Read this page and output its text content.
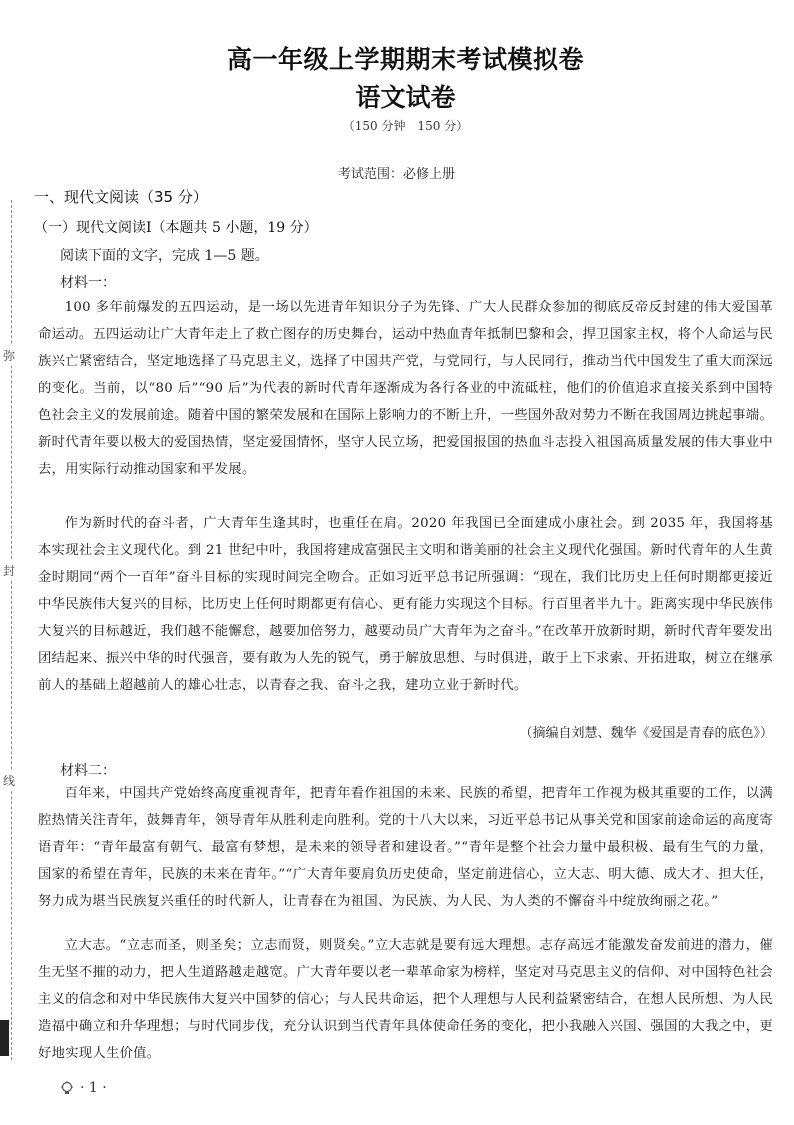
弥
封
线
高一年级上学期期末考试模拟卷
语文试卷
（150 分钟　150 分）
考试范围：必修上册
一、现代文阅读（35 分）
（一）现代文阅读Ⅰ（本题共 5 小题，19 分）
阅读下面的文字，完成 1—5 题。
材料一：
100 多年前爆发的五四运动，是一场以先进青年知识分子为先锋、广大人民群众参加的彻底反帝反封建的伟大爱国革命运动。五四运动让广大青年走上了救亡图存的历史舞台，运动中热血青年抵制巴黎和会，捍卫国家主权，将个人命运与民族兴亡紧密结合，坚定地选择了马克思主义，选择了中国共产党，与党同行，与人民同行，推动当代中国发生了重大而深远的变化。当前，以“80 后”“90 后”为代表的新时代青年逐渐成为各行各业的中流砥柱，他们的价值追求直接关系到中国特色社会主义的发展前途。随着中国的繁荣发展和在国际上影响力的不断上升，一些国外敌对势力不断在我国周边挑起事端。新时代青年要以极大的爱国热情，坚定爱国情怀，坚守人民立场，把爱国报国的热血斗志投入祖国高质量发展的伟大事业中去，用实际行动推动国家和平发展。
作为新时代的奋斗者，广大青年生逢其时，也重任在肩。2020 年我国已全面建成小康社会。到 2035 年，我国将基本实现社会主义现代化。到 21 世纪中叶，我国将建成富强民主文明和谐美丽的社会主义现代化强国。新时代青年的人生黄金时期同“两个一百年”奋斗目标的实现时间完全吻合。正如习近平总书记所强调：“现在，我们比历史上任何时期都更接近中华民族伟大复兴的目标，比历史上任何时期都更有信心、更有能力实现这个目标。行百里者半九十。距离实现中华民族伟大复兴的目标越近，我们越不能懈怠，越要加倍努力，越要动员广大青年为之奋斗。”在改革开放新时期，新时代青年要发出团结起来、振兴中华的时代强音，要有敢为人先的锐气，勇于解放思想、与时俱进，敢于上下求索、开拓进取，树立在继承前人的基础上超越前人的雄心壮志，以青春之我、奋斗之我，建功立业于新时代。
（摘编自刘慧、魏华《爱国是青春的底色》）
材料二：
百年来，中国共产党始终高度重视青年，把青年看作祖国的未来、民族的希望，把青年工作视为极其重要的工作，以满腔热情关注青年，鼓舞青年，领导青年从胜利走向胜利。党的十八大以来，习近平总书记从事关党和国家前途命运的高度寄语青年：“青年最富有朝气、最富有梦想，是未来的领导者和建设者。”“青年是整个社会力量中最积极、最有生气的力量，国家的希望在青年，民族的未来在青年。”“广大青年要肩负历史使命，坚定前进信心，立大志、明大德、成大才、担大任，努力成为堪当民族复兴重任的时代新人，让青春在为祖国、为民族、为人民、为人类的不懈奋斗中绽放绚丽之花。”
立大志。“立志而圣，则圣矣；立志而贤，则贤矣。”立大志就是要有远大理想。志存高远才能激发奋发前进的潜力，催生无坚不摧的动力，把人生道路越走越宽。广大青年要以老一辈革命家为榜样，坚定对马克思主义的信仰、对中国特色社会主义的信念和对中华民族伟大复兴中国梦的信心；与人民共命运，把个人理想与人民利益紧密结合，在想人民所想、为人民造福中确立和升华理想；与时代同步伐，充分认识到当代青年具体使命任务的变化，把小我融入兴国、强国的大我之中，更好地实现人生价值。
· 1 ·
